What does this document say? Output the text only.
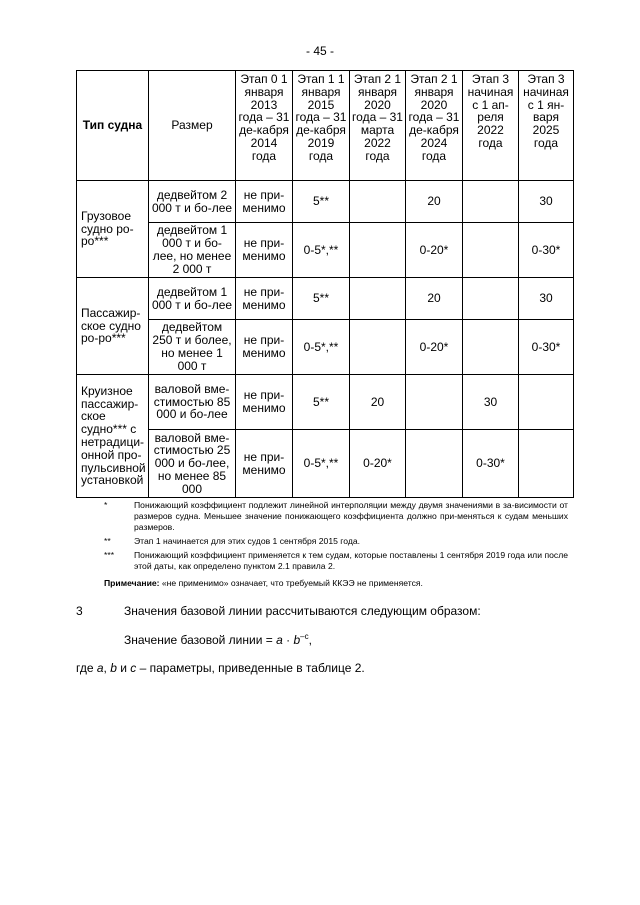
- 45 -
Тип судна	Размер	Этап 0 1 января 2013 года – 31 де-кабря 2014 года	Этап 1 1 января 2015 года – 31 де-кабря 2019 года	Этап 2 1 января 2020 года – 31 марта 2022 года	Этап 2 1 января 2020 года – 31 де-кабря 2024 года	Этап 3 начиная с 1 ап-реля 2022 года	Этап 3 начиная с 1 ян-варя 2025 года
Грузовое судно ро-ро***	дедвейтом 2 000 т и бо-лее	не при-менимо	5**		20		30
	дедвейтом 1 000 т и бо-лее, но менее 2 000 т	не при-менимо	0-5*,**		0-20*		0-30*
Пассажир-ское судно ро-ро***	дедвейтом 1 000 т и бо-лее	не при-менимо	5**		20		30
	дедвейтом 250 т и более, но менее 1 000 т	не при-менимо	0-5*,**		0-20*		0-30*
Круизное пассажир-ское судно*** с нетрадици-онной про-пульсивной установкой	валовой вме-стимостью 85 000 и бо-лее	не при-менимо	5**	20		30	
	валовой вме-стимостью 25 000 и бо-лее, но менее 85 000	не при-менимо	0-5*,**	0-20*		0-30*	
*	Понижающий коэффициент подлежит линейной интерполяции между двумя значениями в за-висимости от размеров судна. Меньшее значение понижающего коэффициента должно при-меняться к судам меньших размеров.
**	Этап 1 начинается для этих судов 1 сентября 2015 года.
***	Понижающий коэффициент применяется к тем судам, которые поставлены 1 сентября 2019 года или после этой даты, как определено пунктом 2.1 правила 2.
Примечание: «не применимо» означает, что требуемый ККЭЭ не применяется.
3	Значения базовой линии рассчитываются следующим образом:
Значение базовой линии = $a \cdot b^{-c}$,
где a, b и c – параметры, приведенные в таблице 2.
